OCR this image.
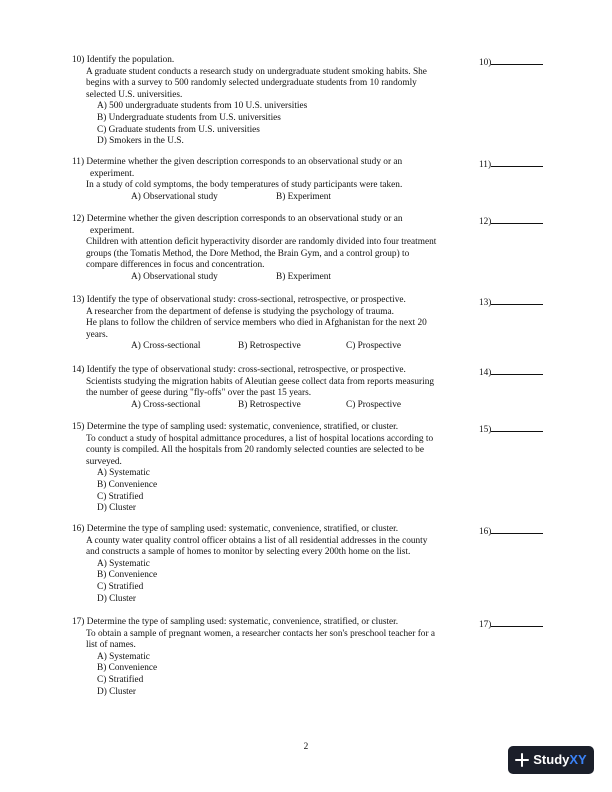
10) Identify the population.
A graduate student conducts a research study on undergraduate student smoking habits. She
begins with a survey to 500 randomly selected undergraduate students from 10 randomly
selected U.S. universities.
A) 500 undergraduate students from 10 U.S. universities
B) Undergraduate students from U.S. universities
C) Graduate students from U.S. universities
D) Smokers in the U.S.
10)
11) Determine whether the given description corresponds to an observational study or an
experiment.
In a study of cold symptoms, the body temperatures of study participants were taken.
A) Observational study	B) Experiment
11)
12) Determine whether the given description corresponds to an observational study or an
experiment.
Children with attention deficit hyperactivity disorder are randomly divided into four treatment
groups (the Tomatis Method, the Dore Method, the Brain Gym, and a control group) to
compare differences in focus and concentration.
A) Observational study	B) Experiment
12)
13) Identify the type of observational study: cross-sectional, retrospective, or prospective.
A researcher from the department of defense is studying the psychology of trauma.
He plans to follow the children of service members who died in Afghanistan for the next 20
years.
A) Cross-sectional	B) Retrospective	C) Prospective
13)
14) Identify the type of observational study: cross-sectional, retrospective, or prospective.
Scientists studying the migration habits of Aleutian geese collect data from reports measuring
the number of geese during "fly-offs" over the past 15 years.
A) Cross-sectional	B) Retrospective	C) Prospective
14)
15) Determine the type of sampling used: systematic, convenience, stratified, or cluster.
To conduct a study of hospital admittance procedures, a list of hospital locations according to
county is compiled. All the hospitals from 20 randomly selected counties are selected to be
surveyed.
A) Systematic
B) Convenience
C) Stratified
D) Cluster
15)
16) Determine the type of sampling used: systematic, convenience, stratified, or cluster.
A county water quality control officer obtains a list of all residential addresses in the county
and constructs a sample of homes to monitor by selecting every 200th home on the list.
A) Systematic
B) Convenience
C) Stratified
D) Cluster
16)
17) Determine the type of sampling used: systematic, convenience, stratified, or cluster.
To obtain a sample of pregnant women, a researcher contacts her son's preschool teacher for a
list of names.
A) Systematic
B) Convenience
C) Stratified
D) Cluster
17)
2
StudyXY
